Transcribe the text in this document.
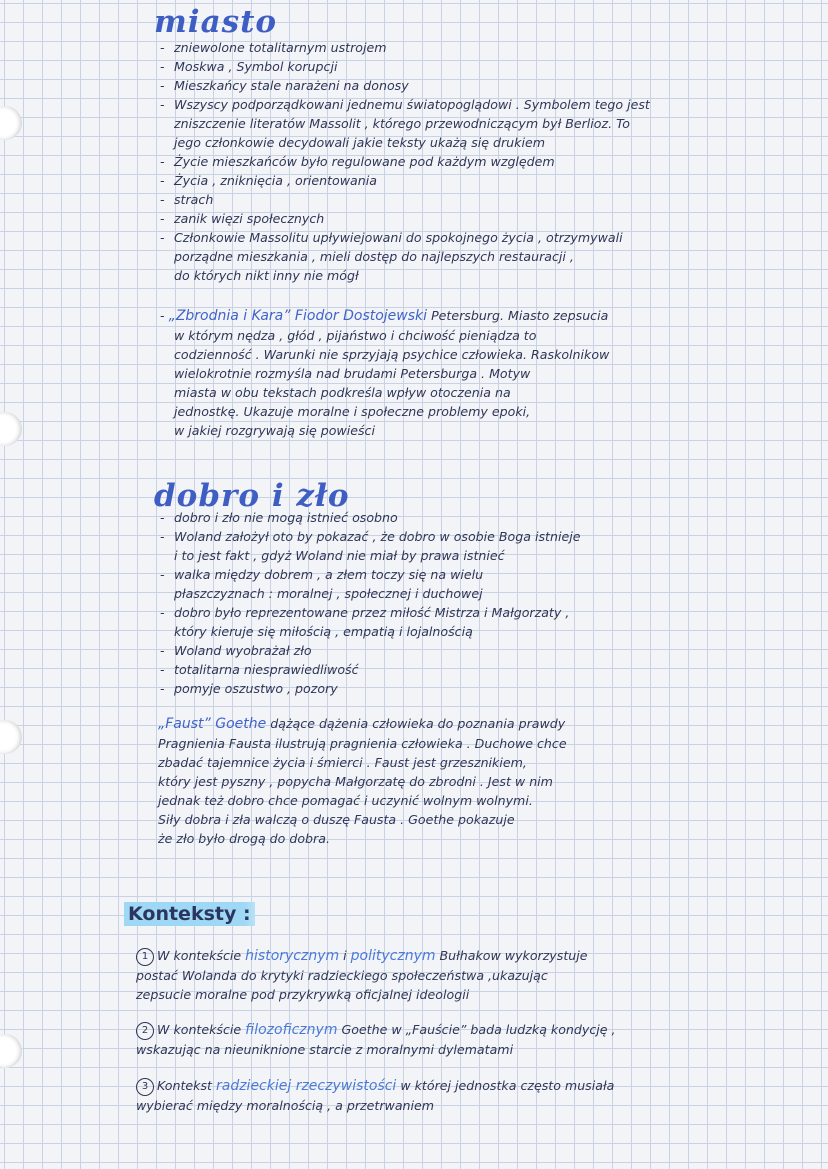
miasto
- zniewolone totalitarnym ustrojem
- Moskwa , Symbol korupcji
- Mieszkańcy stale narażeni na donosy
- Wszyscy podporządkowani jednemu światopoglądowi . Symbolem tego jest
zniszczenie literatów Massolit , którego przewodniczącym był Berlioz. To
jego członkowie decydowali jakie teksty ukażą się drukiem
- Życie mieszkańców było regulowane pod każdym względem
- Życia , zniknięcia , orientowania
- strach
- zanik więzi społecznych
- Członkowie Massolitu upływiejowani do spokojnego życia , otrzymywali
porządne mieszkania , mieli dostęp do najlepszych restauracji ,
do których nikt inny nie mógł
- „Zbrodnia i Kara” Fiodor Dostojewski Petersburg. Miasto zepsucia
w którym nędza , głód , pijaństwo i chciwość pieniądza to
codzienność . Warunki nie sprzyjają psychice człowieka. Raskolnikow
wielokrotnie rozmyśla nad brudami Petersburga . Motyw
miasta w obu tekstach podkreśla wpływ otoczenia na
jednostkę. Ukazuje moralne i społeczne problemy epoki,
w jakiej rozgrywają się powieści
dobro i zło
- dobro i zło nie mogą istnieć osobno
- Woland założył oto by pokazać , że dobro w osobie Boga istnieje
i to jest fakt , gdyż Woland nie miał by prawa istnieć
- walka między dobrem , a złem toczy się na wielu
płaszczyznach : moralnej , społecznej i duchowej
- dobro było reprezentowane przez miłość Mistrza i Małgorzaty ,
który kieruje się miłością , empatią i lojalnością
- Woland wyobrażał zło
- totalitarna niesprawiedliwość
- pomyje oszustwo , pozory
„Faust” Goethe dążące dążenia człowieka do poznania prawdy
Pragnienia Fausta ilustrują pragnienia człowieka . Duchowe chce
zbadać tajemnice życia i śmierci . Faust jest grzesznikiem,
który jest pyszny , popycha Małgorzatę do zbrodni . Jest w nim
jednak też dobro chce pomagać i uczynić wolnym wolnymi.
Siły dobra i zła walczą o duszę Fausta . Goethe pokazuje
że zło było drogą do dobra.
Konteksty :
1 W kontekście historycznym i politycznym Bułhakow wykorzystuje
postać Wolanda do krytyki radzieckiego społeczeństwa ,ukazując
zepsucie moralne pod przykrywką oficjalnej ideologii
2 W kontekście filozoficznym Goethe w „Fauście” bada ludzką kondycję ,
wskazując na nieuniknione starcie z moralnymi dylematami
3 Kontekst radzieckiej rzeczywistości w której jednostka często musiała
wybierać między moralnością , a przetrwaniem
